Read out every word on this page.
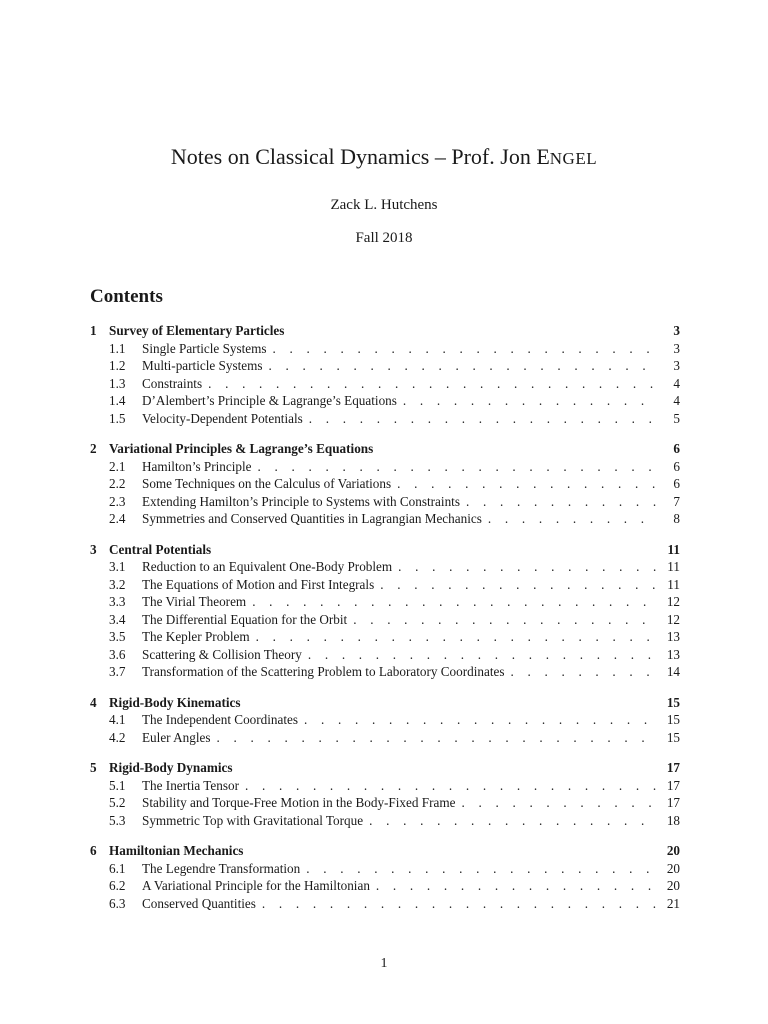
Notes on Classical Dynamics – Prof. Jon ENGEL
Zack L. Hutchens
Fall 2018
Contents
1 Survey of Elementary Particles	3
1.1	Single Particle Systems . . .	3
1.2	Multi-particle Systems . . .	3
1.3	Constraints . . .	4
1.4	D’Alembert’s Principle & Lagrange’s Equations . . .	4
1.5	Velocity-Dependent Potentials . . .	5
2 Variational Principles & Lagrange’s Equations	6
2.1	Hamilton’s Principle . . .	6
2.2	Some Techniques on the Calculus of Variations . . .	6
2.3	Extending Hamilton’s Principle to Systems with Constraints . . .	7
2.4	Symmetries and Conserved Quantities in Lagrangian Mechanics . . .	8
3 Central Potentials	11
3.1	Reduction to an Equivalent One-Body Problem . . .	11
3.2	The Equations of Motion and First Integrals . . .	11
3.3	The Virial Theorem . . .	12
3.4	The Differential Equation for the Orbit . . .	12
3.5	The Kepler Problem . . .	13
3.6	Scattering & Collision Theory . . .	13
3.7	Transformation of the Scattering Problem to Laboratory Coordinates . . .	14
4 Rigid-Body Kinematics	15
4.1	The Independent Coordinates . . .	15
4.2	Euler Angles . . .	15
5 Rigid-Body Dynamics	17
5.1	The Inertia Tensor . . .	17
5.2	Stability and Torque-Free Motion in the Body-Fixed Frame . . .	17
5.3	Symmetric Top with Gravitational Torque . . .	18
6 Hamiltonian Mechanics	20
6.1	The Legendre Transformation . . .	20
6.2	A Variational Principle for the Hamiltonian . . .	20
6.3	Conserved Quantities . . .	21
1
